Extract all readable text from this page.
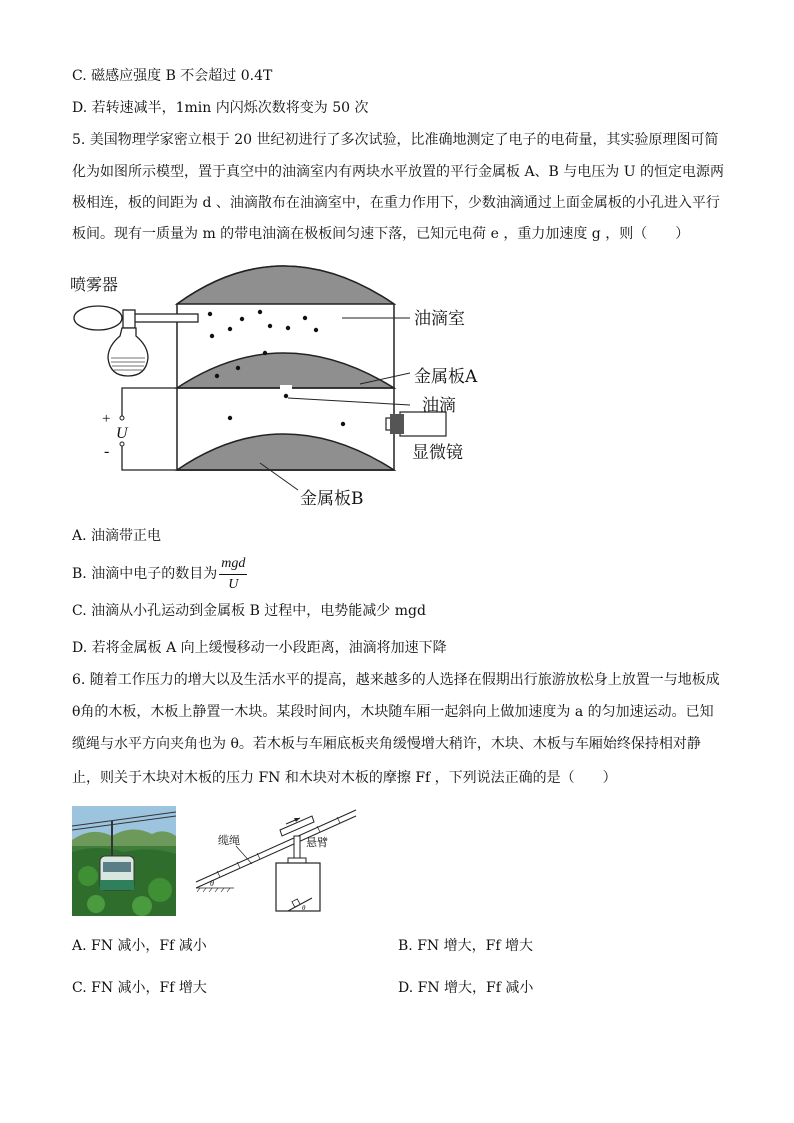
C. 磁感应强度 B 不会超过 0.4T
D. 若转速减半，1min 内闪烁次数将变为 50 次
5. 美国物理学家密立根于 20 世纪初进行了多次试验，比准确地测定了电子的电荷量，其实验原理图可简
化为如图所示模型，置于真空中的油滴室内有两块水平放置的平行金属板 A、B 与电压为 U 的恒定电源两
极相连，板的间距为 d 、油滴散布在油滴室中，在重力作用下，少数油滴通过上面金属板的小孔进入平行
板间。现有一质量为 m 的带电油滴在极板间匀速下落，已知元电荷 e ，重力加速度 g ，则（　　）
喷雾器
+
U
-
油滴室
金属板A
油滴
显微镜
金属板B
A. 油滴带正电
B. 油滴中电子的数目为 $\frac{\text{mgd}}{U}$
C. 油滴从小孔运动到金属板 B 过程中，电势能减少 mgd
D. 若将金属板 A 向上缓慢移动一小段距离，油滴将加速下降
6. 随着工作压力的增大以及生活水平的提高，越来越多的人选择在假期出行旅游放松身上放置一与地板成
θ角的木板，木板上静置一木块。某段时间内，木块随车厢一起斜向上做加速度为 a 的匀加速运动。已知
缆绳与水平方向夹角也为 θ。若木板与车厢底板夹角缓慢增大稍许，木块、木板与车厢始终保持相对静
止，则关于木块对木板的压力 FN 和木块对木板的摩擦 Ff ，下列说法正确的是（　　）
θ
θ
缆绳	悬臂
A. FN 减小，Ff 减小	B. FN 增大，Ff 增大
C. FN 减小，Ff 增大	D. FN 增大，Ff 减小
